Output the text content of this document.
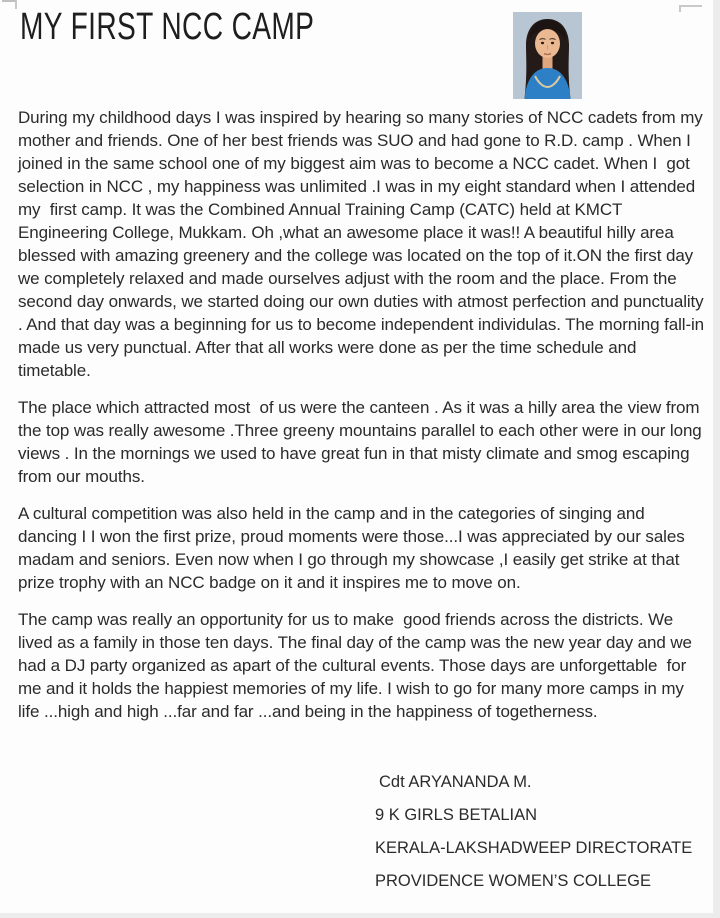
MY FIRST NCC CAMP

During my childhood days I was inspired by hearing so many stories of NCC cadets from my mother and friends. One of her best friends was SUO and had gone to R.D. camp . When I joined in the same school one of my biggest aim was to become a NCC cadet. When I  got selection in NCC , my happiness was unlimited .I was in my eight standard when I attended my  first camp. It was the Combined Annual Training Camp (CATC) held at KMCT Engineering College, Mukkam. Oh ,what an awesome place it was!! A beautiful hilly area blessed with amazing greenery and the college was located on the top of it.ON the first day we completely relaxed and made ourselves adjust with the room and the place. From the second day onwards, we started doing our own duties with atmost perfection and punctuality . And that day was a beginning for us to become independent individulas. The morning fall-in made us very punctual. After that all works were done as per the time schedule and timetable.

The place which attracted most  of us were the canteen . As it was a hilly area the view from the top was really awesome .Three greeny mountains parallel to each other were in our long views . In the mornings we used to have great fun in that misty climate and smog escaping from our mouths.

A cultural competition was also held in the camp and in the categories of singing and dancing I I won the first prize, proud moments were those...I was appreciated by our sales madam and seniors. Even now when I go through my showcase ,I easily get strike at that prize trophy with an NCC badge on it and it inspires me to move on.

The camp was really an opportunity for us to make  good friends across the districts. We lived as a family in those ten days. The final day of the camp was the new year day and we had a DJ party organized as apart of the cultural events. Those days are unforgettable  for me and it holds the happiest memories of my life. I wish to go for many more camps in my life ...high and high ...far and far ...and being in the happiness of togetherness.

Cdt ARYANANDA M.
9 K GIRLS BETALIAN
KERALA-LAKSHADWEEP DIRECTORATE
PROVIDENCE WOMEN’S COLLEGE
